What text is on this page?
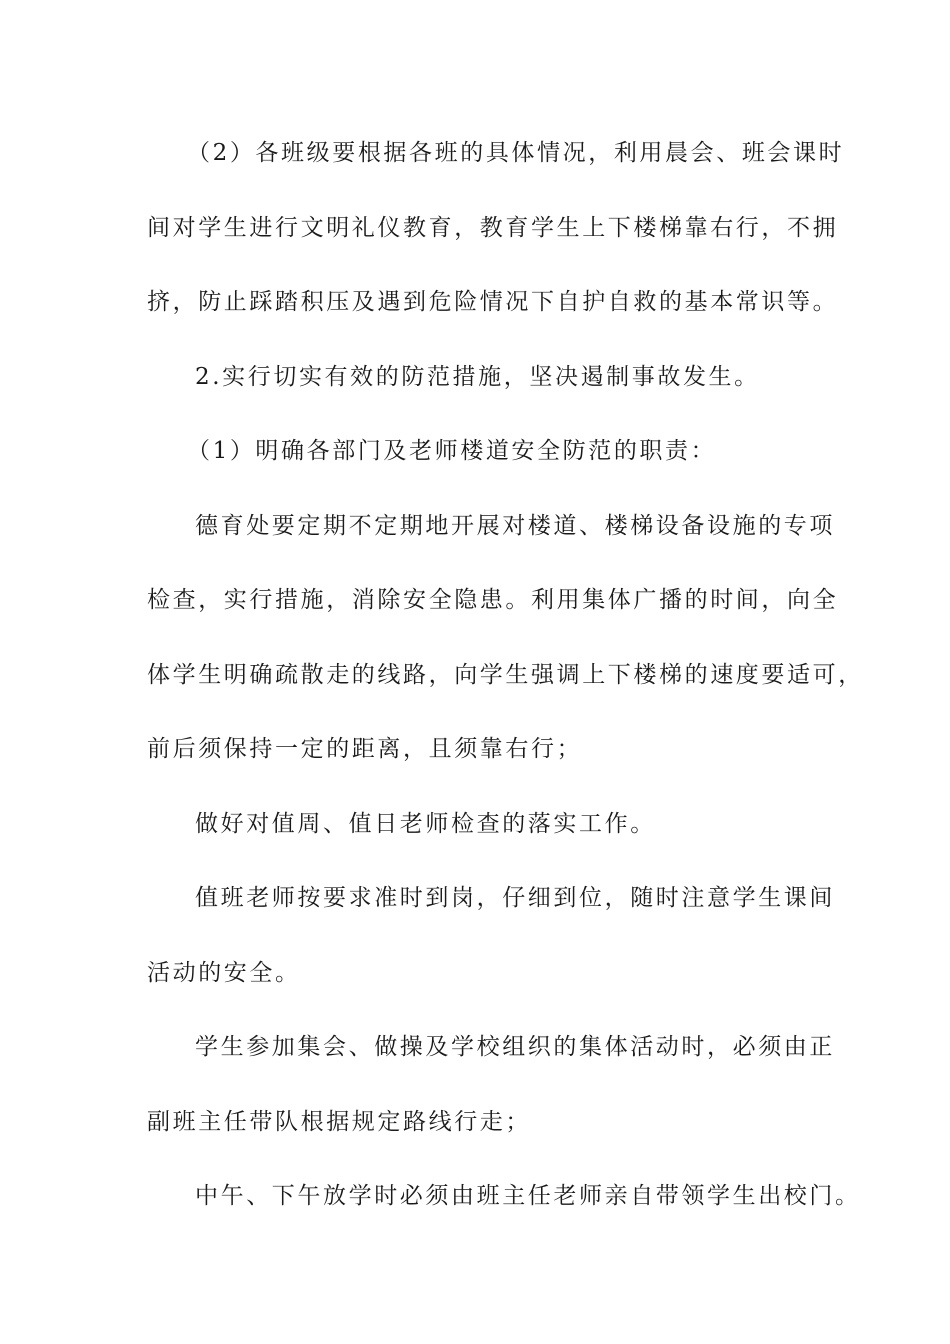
（2）各班级要根据各班的具体情况，利用晨会、班会课时
间对学生进行文明礼仪教育，教育学生上下楼梯靠右行，不拥
挤，防止踩踏积压及遇到危险情况下自护自救的基本常识等。
2.实行切实有效的防范措施，坚决遏制事故发生。
（1）明确各部门及老师楼道安全防范的职责：
德育处要定期不定期地开展对楼道、楼梯设备设施的专项
检查，实行措施，消除安全隐患。利用集体广播的时间，向全
体学生明确疏散走的线路，向学生强调上下楼梯的速度要适可，
前后须保持一定的距离，且须靠右行；
做好对值周、值日老师检查的落实工作。
值班老师按要求准时到岗，仔细到位，随时注意学生课间
活动的安全。
学生参加集会、做操及学校组织的集体活动时，必须由正
副班主任带队根据规定路线行走；
中午、下午放学时必须由班主任老师亲自带领学生出校门。
